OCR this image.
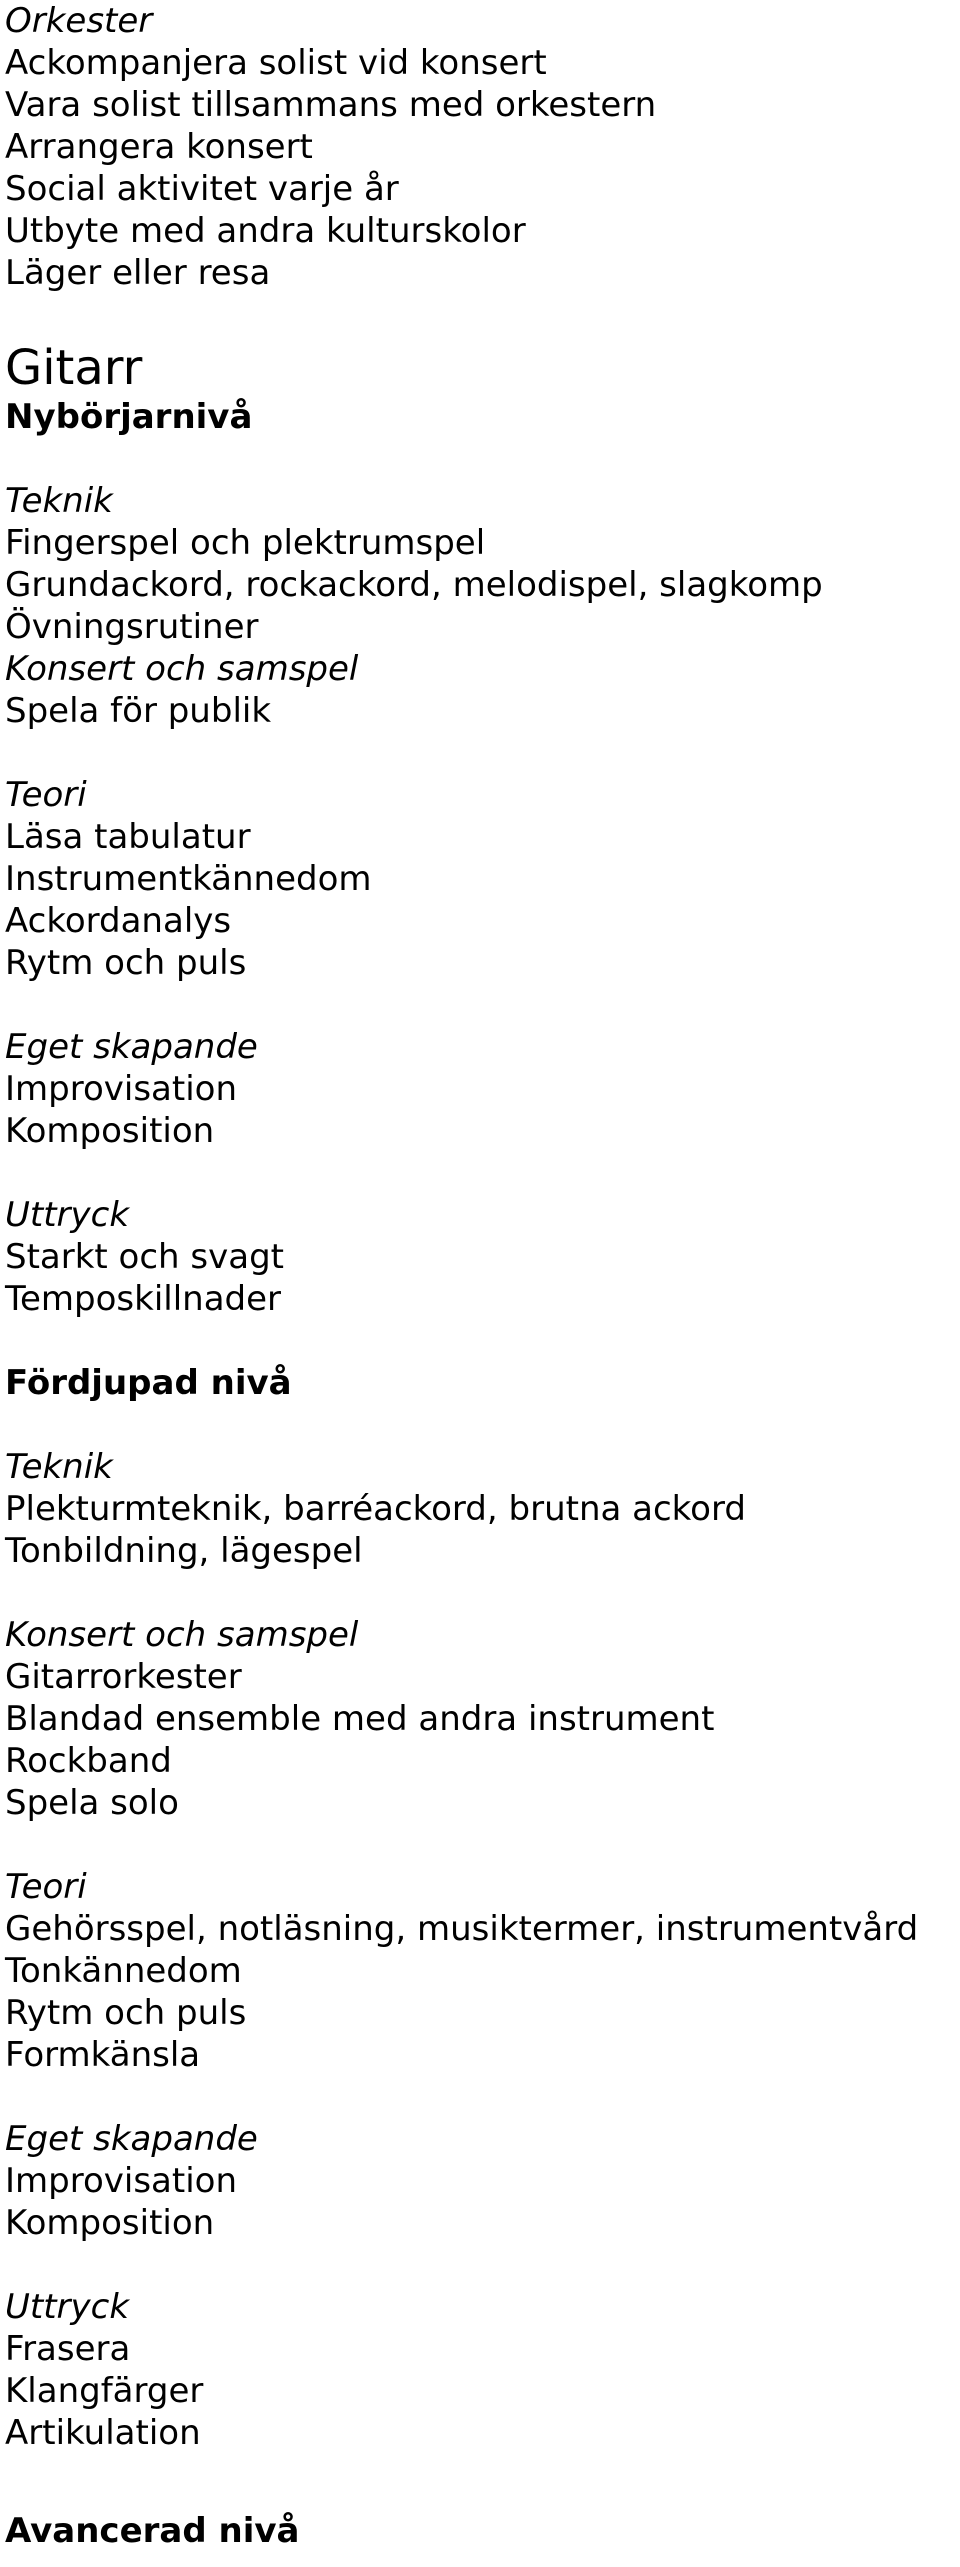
Orkester

Ackompanjera solist vid konsert

Vara solist tillsammans med orkestern

Arrangera konsert

Social aktivitet varje år

Utbyte med andra kulturskolor

Läger eller resa

Gitarr

Nybörjarnivå

Teknik

Fingerspel och plektrumspel

Grundackord, rockackord, melodispel, slagkomp

Övningsrutiner

Konsert och samspel

Spela för publik

Teori

Läsa tabulatur

Instrumentkännedom

Ackordanalys

Rytm och puls

Eget skapande

Improvisation

Komposition

Uttryck

Starkt och svagt

Temposkillnader

Fördjupad nivå

Teknik

Plekturmteknik, barréackord, brutna ackord

Tonbildning, lägespel

Konsert och samspel

Gitarrorkester

Blandad ensemble med andra instrument

Rockband

Spela solo

Teori

Gehörsspel, notläsning, musiktermer, instrumentvård

Tonkännedom

Rytm och puls

Formkänsla

Eget skapande

Improvisation

Komposition

Uttryck

Frasera

Klangfärger

Artikulation

Avancerad nivå
